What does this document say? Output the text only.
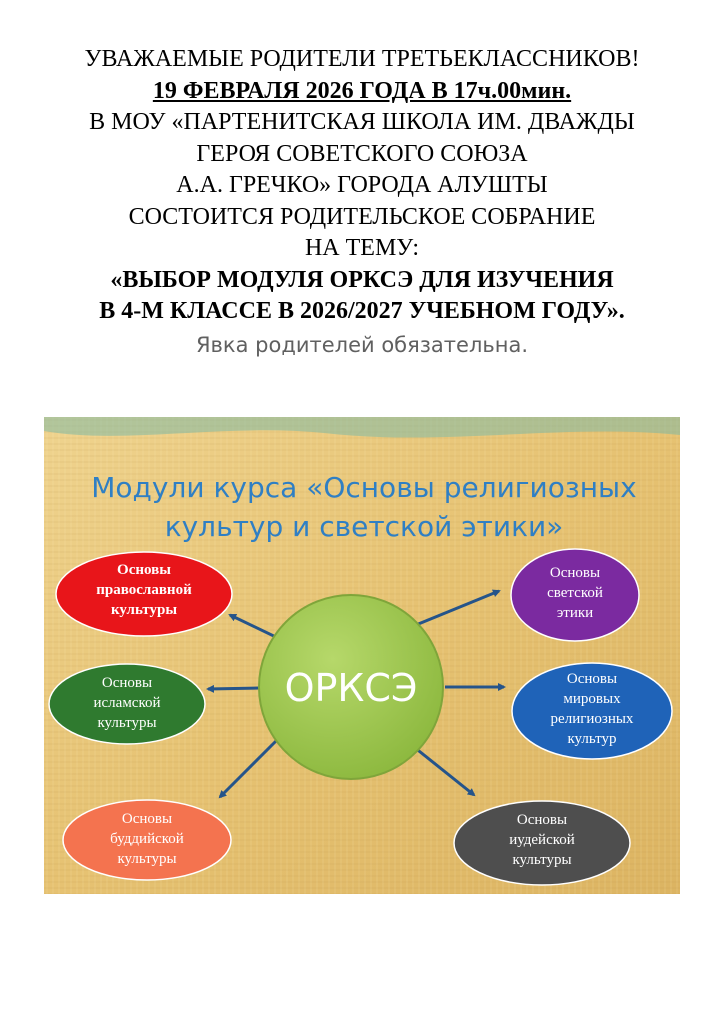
УВАЖАЕМЫЕ РОДИТЕЛИ ТРЕТЬЕКЛАССНИКОВ!
19 ФЕВРАЛЯ 2026 ГОДА В 17ч.00мин.
В МОУ «ПАРТЕНИТСКАЯ ШКОЛА ИМ. ДВАЖДЫ
ГЕРОЯ СОВЕТСКОГО СОЮЗА
А.А. ГРЕЧКО» ГОРОДА АЛУШТЫ
СОСТОИТСЯ РОДИТЕЛЬСКОЕ СОБРАНИЕ
НА ТЕМУ:
«ВЫБОР МОДУЛЯ ОРКСЭ ДЛЯ ИЗУЧЕНИЯ
В 4-М КЛАССЕ В 2026/2027 УЧЕБНОМ ГОДУ».
Явка родителей обязательна.
Модули курса «Основы религиозных
культур и светской этики»
ОРКСЭ
Основы
православной
культуры
Основы
исламской
культуры
Основы
буддийской
культуры
Основы
светской
этики
Основы
мировых
религиозных
культур
Основы
иудейской
культуры
